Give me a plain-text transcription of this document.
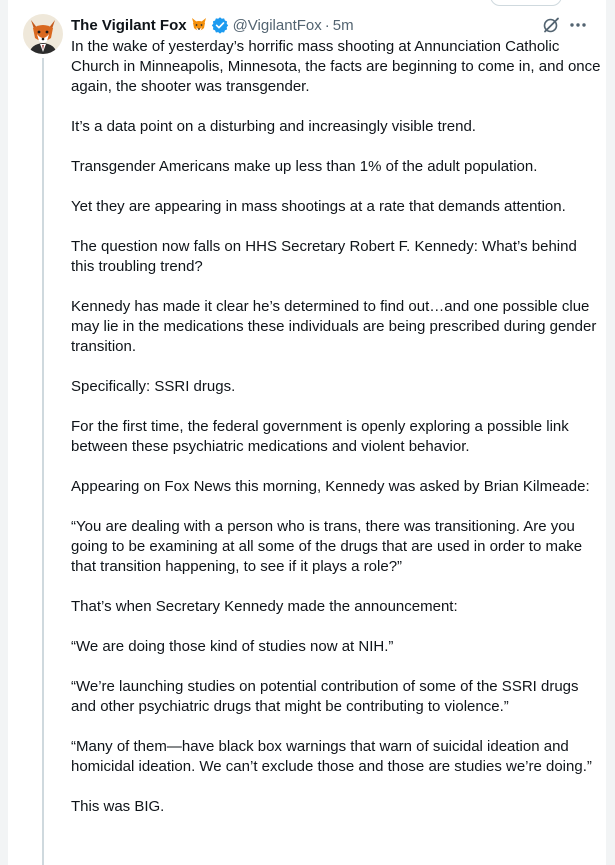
The Vigilant Fox	@VigilantFox · 5m

In the wake of yesterday’s horrific mass shooting at Annunciation Catholic Church in Minneapolis, Minnesota, the facts are beginning to come in, and once again, the shooter was transgender.

It’s a data point on a disturbing and increasingly visible trend.

Transgender Americans make up less than 1% of the adult population.

Yet they are appearing in mass shootings at a rate that demands attention.

The question now falls on HHS Secretary Robert F. Kennedy: What’s behind this troubling trend?

Kennedy has made it clear he’s determined to find out…and one possible clue may lie in the medications these individuals are being prescribed during gender transition.

Specifically: SSRI drugs.

For the first time, the federal government is openly exploring a possible link between these psychiatric medications and violent behavior.

Appearing on Fox News this morning, Kennedy was asked by Brian Kilmeade:

“You are dealing with a person who is trans, there was transitioning. Are you going to be examining at all some of the drugs that are used in order to make that transition happening, to see if it plays a role?”

That’s when Secretary Kennedy made the announcement:

“We are doing those kind of studies now at NIH.”

“We’re launching studies on potential contribution of some of the SSRI drugs and other psychiatric drugs that might be contributing to violence.”

“Many of them—have black box warnings that warn of suicidal ideation and homicidal ideation. We can’t exclude those and those are studies we’re doing.”

This was BIG.
